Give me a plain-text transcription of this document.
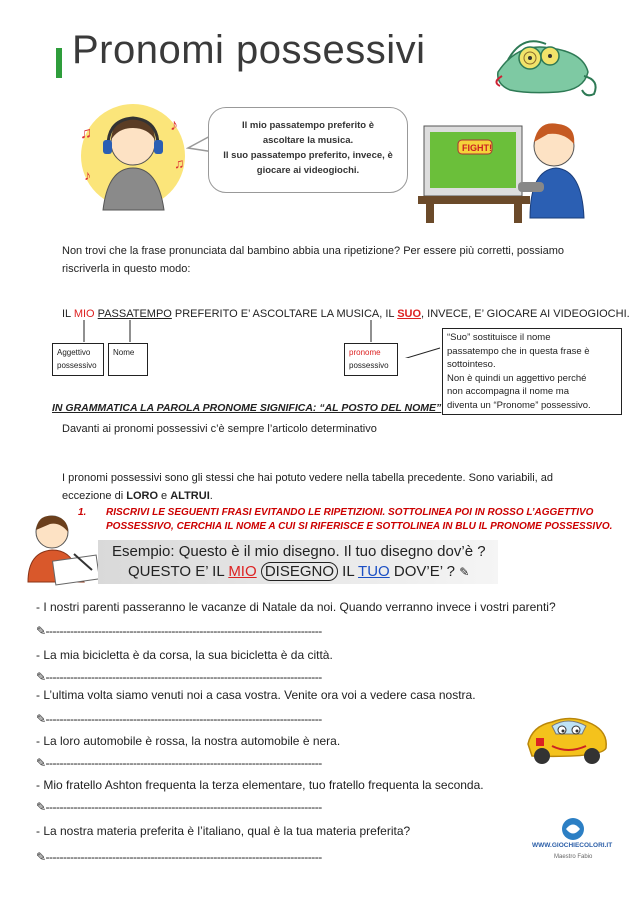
Pronomi possessivi
♫	♪
♫
♪
Il mio passatempo preferito è
ascoltare la musica.
Il suo passatempo preferito, invece, è
giocare ai videogiochi.
FIGHT!
Non trovi che la frase pronunciata dal bambino abbia una ripetizione? Per essere più corretti, possiamo
riscriverla in questo modo:
IL MIO PASSATEMPO PREFERITO E’ ASCOLTARE LA MUSICA, IL SUO, INVECE, E’ GIOCARE AI VIDEOGIOCHI.
Aggettivo
possessivo
Nome	pronome
possessivo
“Suo” sostituisce il nome
passatempo che in questa frase è
sottointeso.
Non è quindi un aggettivo perché
non accompagna il nome ma
diventa un “Pronome” possessivo.
IN GRAMMATICA LA PAROLA PRONOME SIGNIFICA: “AL POSTO DEL NOME”
Davanti ai pronomi possessivi c’è sempre l’articolo determinativo
I pronomi possessivi sono gli stessi che hai potuto vedere nella tabella precedente. Sono variabili, ad
eccezione di LORO e ALTRUI.
1. RISCRIVI LE SEGUENTI FRASI EVITANDO LE RIPETIZIONI. SOTTOLINEA POI IN ROSSO L’AGGETTIVO
POSSESSIVO, CERCHIA IL NOME A CUI SI RIFERISCE E SOTTOLINEA IN BLU IL PRONOME POSSESSIVO.
Esempio: Questo è il mio disegno. Il tuo disegno dov’è ?
QUESTO E’ IL MIO DISEGNO IL TUO DOV’E’ ? ✎
- I nostri parenti passeranno le vacanze di Natale da noi. Quando verranno invece i vostri parenti?
✎-------------------------------------------------------------------------------
- La mia bicicletta è da corsa, la sua bicicletta è da città.
✎-------------------------------------------------------------------------------
- L’ultima volta siamo venuti noi a casa vostra. Venite ora voi a vedere casa nostra.
✎-------------------------------------------------------------------------------
- La loro automobile è rossa, la nostra automobile è nera.
✎-------------------------------------------------------------------------------
- Mio fratello Ashton frequenta la terza elementare, tuo fratello frequenta la seconda.
✎-------------------------------------------------------------------------------
- La nostra materia preferita è l’italiano, qual è la tua materia preferita?
✎-------------------------------------------------------------------------------
WWW.GIOCHIECOLORI.IT
Maestro Fabio
